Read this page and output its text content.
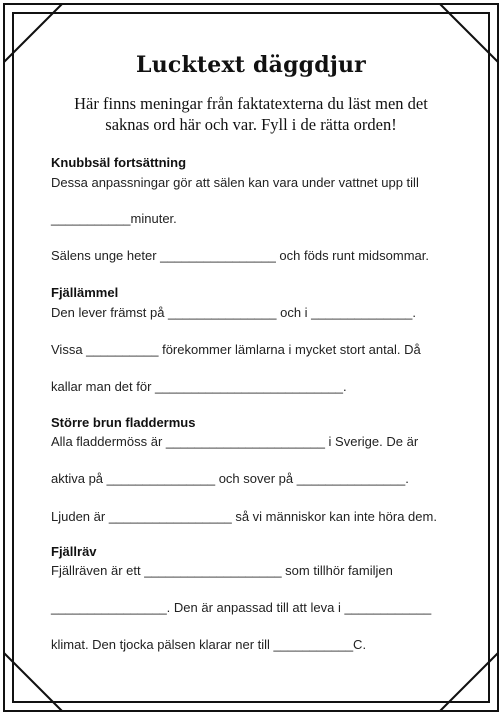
Lucktext däggdjur

Här finns meningar från faktatexterna du läst men det saknas ord här och var. Fyll i de rätta orden!

Knubbsäl fortsättning

Dessa anpassningar gör att sälen kan vara under vattnet upp till

___________minuter.

Sälens unge heter ________________ och föds runt midsommar.

Fjällämmel

Den lever främst på _______________ och i ______________.

Vissa __________ förekommer lämlarna i mycket stort antal. Då

kallar man det för __________________________.

Större brun fladdermus

Alla fladdermöss är ______________________ i Sverige. De är

aktiva på _______________ och sover på _______________.

Ljuden är _________________ så vi människor kan inte höra dem.

Fjällräv

Fjällräven är ett ___________________ som tillhör familjen

________________. Den är anpassad till att leva i ____________

klimat. Den tjocka pälsen klarar ner till ___________C.
